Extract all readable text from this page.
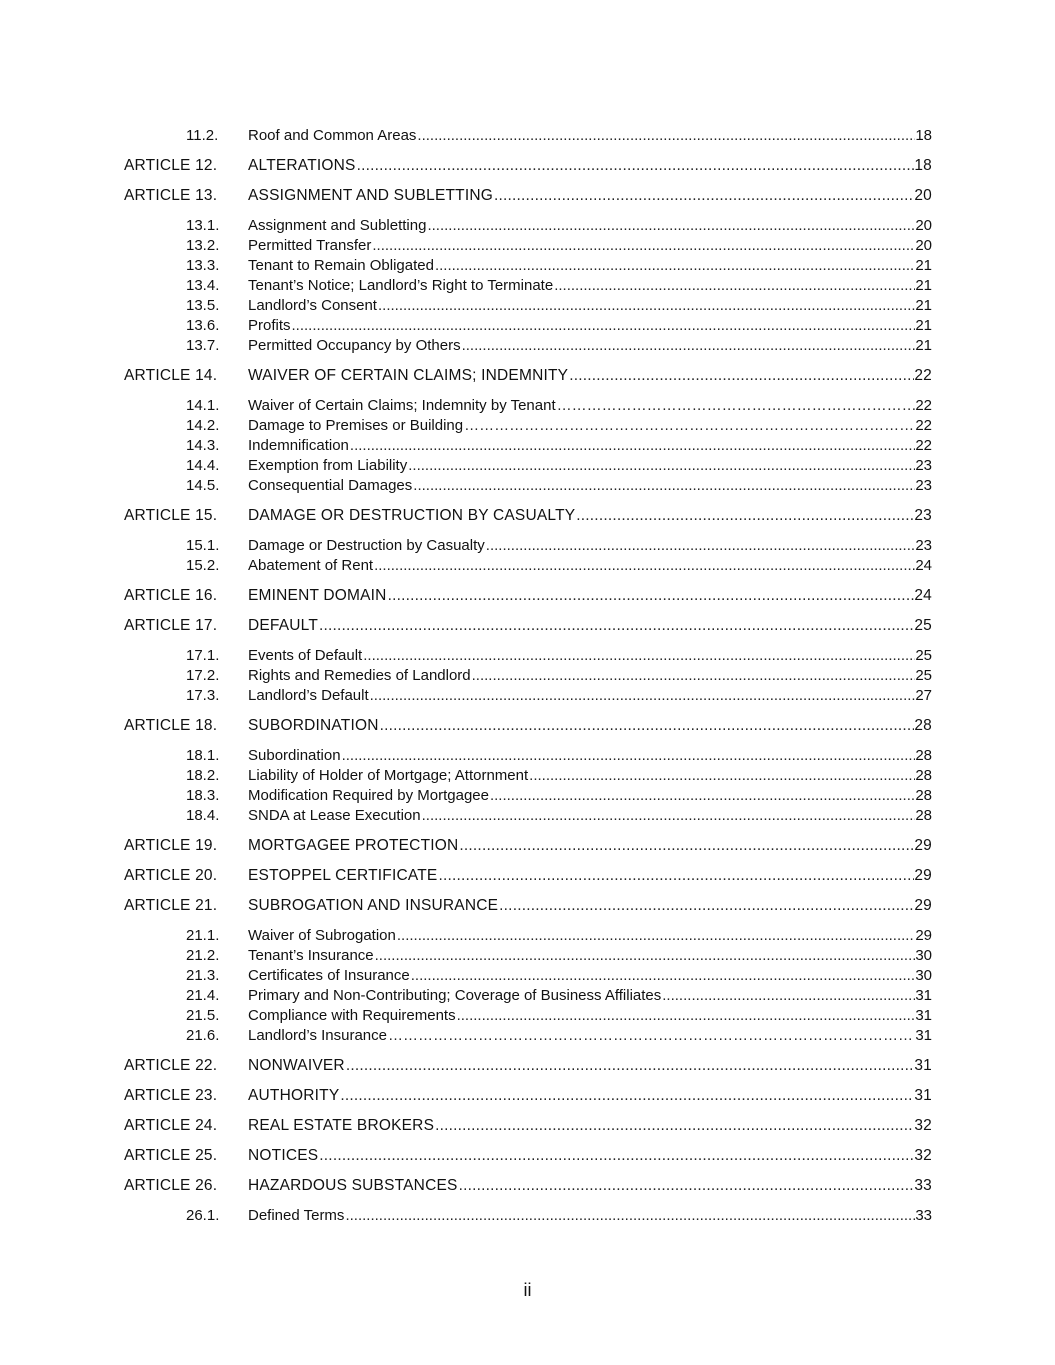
11.2. Roof and Common Areas .....	18
ARTICLE 12. ALTERATIONS .....	18
ARTICLE 13. ASSIGNMENT AND SUBLETTING .....	20
13.1. Assignment and Subletting .....	20
13.2. Permitted Transfer .....	20
13.3. Tenant to Remain Obligated .....	21
13.4. Tenant’s Notice; Landlord’s Right to Terminate .....	21
13.5. Landlord’s Consent .....	21
13.6. Profits .....	21
13.7. Permitted Occupancy by Others .....	21
ARTICLE 14. WAIVER OF CERTAIN CLAIMS; INDEMNITY .....	22
14.1. Waiver of Certain Claims; Indemnity by Tenant ……………………………………………………………………………………………………………………………………	22
14.2. Damage to Premises or Building ……………………………………………………………………………………………………………………………………	22
14.3. Indemnification .....	22
14.4. Exemption from Liability .....	23
14.5. Consequential Damages .....	23
ARTICLE 15. DAMAGE OR DESTRUCTION BY CASUALTY .....	23
15.1. Damage or Destruction by Casualty .....	23
15.2. Abatement of Rent .....	24
ARTICLE 16. EMINENT DOMAIN .....	24
ARTICLE 17. DEFAULT .....	25
17.1. Events of Default .....	25
17.2. Rights and Remedies of Landlord .....	25
17.3. Landlord’s Default .....	27
ARTICLE 18. SUBORDINATION .....	28
18.1. Subordination .....	28
18.2. Liability of Holder of Mortgage; Attornment .....	28
18.3. Modification Required by Mortgagee .....	28
18.4. SNDA at Lease Execution .....	28
ARTICLE 19. MORTGAGEE PROTECTION .....	29
ARTICLE 20. ESTOPPEL CERTIFICATE .....	29
ARTICLE 21. SUBROGATION AND INSURANCE .....	29
21.1. Waiver of Subrogation .....	29
21.2. Tenant’s Insurance .....	30
21.3. Certificates of Insurance .....	30
21.4. Primary and Non-Contributing; Coverage of Business Affiliates .....	31
21.5. Compliance with Requirements .....	31
21.6. Landlord’s Insurance ……………………………………………………………………………………………………………………………………	31
ARTICLE 22. NONWAIVER .....	31
ARTICLE 23. AUTHORITY .....	31
ARTICLE 24. REAL ESTATE BROKERS .....	32
ARTICLE 25. NOTICES .....	32
ARTICLE 26. HAZARDOUS SUBSTANCES .....	33
26.1. Defined Terms .....	33
ii
